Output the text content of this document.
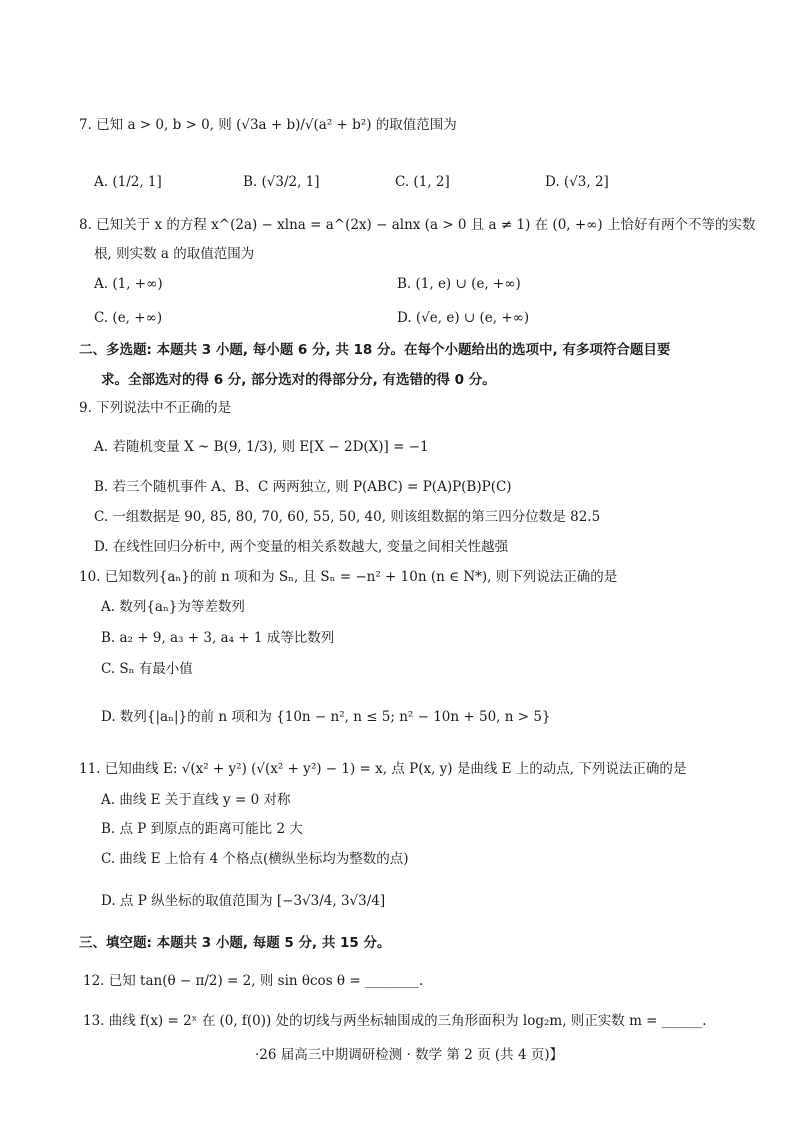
7. 已知 a > 0, b > 0, 则 (√3a + b)/√(a² + b²) 的取值范围为
A. (1/2, 1]	B. (√3/2, 1]	C. (1, 2]	D. (√3, 2]
8. 已知关于 x 的方程 x^(2a) − xlna = a^(2x) − alnx (a > 0 且 a ≠ 1) 在 (0, +∞) 上恰好有两个不等的实数
根, 则实数 a 的取值范围为
A. (1, +∞)	B. (1, e) ∪ (e, +∞)
C. (e, +∞)	D. (√e, e) ∪ (e, +∞)
二、多选题: 本题共 3 小题, 每小题 6 分, 共 18 分。在每个小题给出的选项中, 有多项符合题目要
求。全部选对的得 6 分, 部分选对的得部分分, 有选错的得 0 分。
9. 下列说法中不正确的是
A. 若随机变量 X ~ B(9, 1/3), 则 E[X − 2D(X)] = −1
B. 若三个随机事件 A、B、C 两两独立, 则 P(ABC) = P(A)P(B)P(C)
C. 一组数据是 90, 85, 80, 70, 60, 55, 50, 40, 则该组数据的第三四分位数是 82.5
D. 在线性回归分析中, 两个变量的相关系数越大, 变量之间相关性越强
10. 已知数列{aₙ}的前 n 项和为 Sₙ, 且 Sₙ = −n² + 10n (n ∈ N*), 则下列说法正确的是
A. 数列{aₙ}为等差数列
B. a₂ + 9, a₃ + 3, a₄ + 1 成等比数列
C. Sₙ 有最小值
D. 数列{|aₙ|}的前 n 项和为 {10n − n², n ≤ 5; n² − 10n + 50, n > 5}
11. 已知曲线 E: √(x² + y²) (√(x² + y²) − 1) = x, 点 P(x, y) 是曲线 E 上的动点, 下列说法正确的是
A. 曲线 E 关于直线 y = 0 对称
B. 点 P 到原点的距离可能比 2 大
C. 曲线 E 上恰有 4 个格点(横纵坐标均为整数的点)
D. 点 P 纵坐标的取值范围为 [−3√3/4, 3√3/4]
三、填空题: 本题共 3 小题, 每题 5 分, 共 15 分。
12. 已知 tan(θ − π/2) = 2, 则 sin θcos θ = ________.
13. 曲线 f(x) = 2ˣ 在 (0, f(0)) 处的切线与两坐标轴围成的三角形面积为 log₂m, 则正实数 m = ______.
·26 届高三中期调研检测 · 数学 第 2 页 (共 4 页)】
